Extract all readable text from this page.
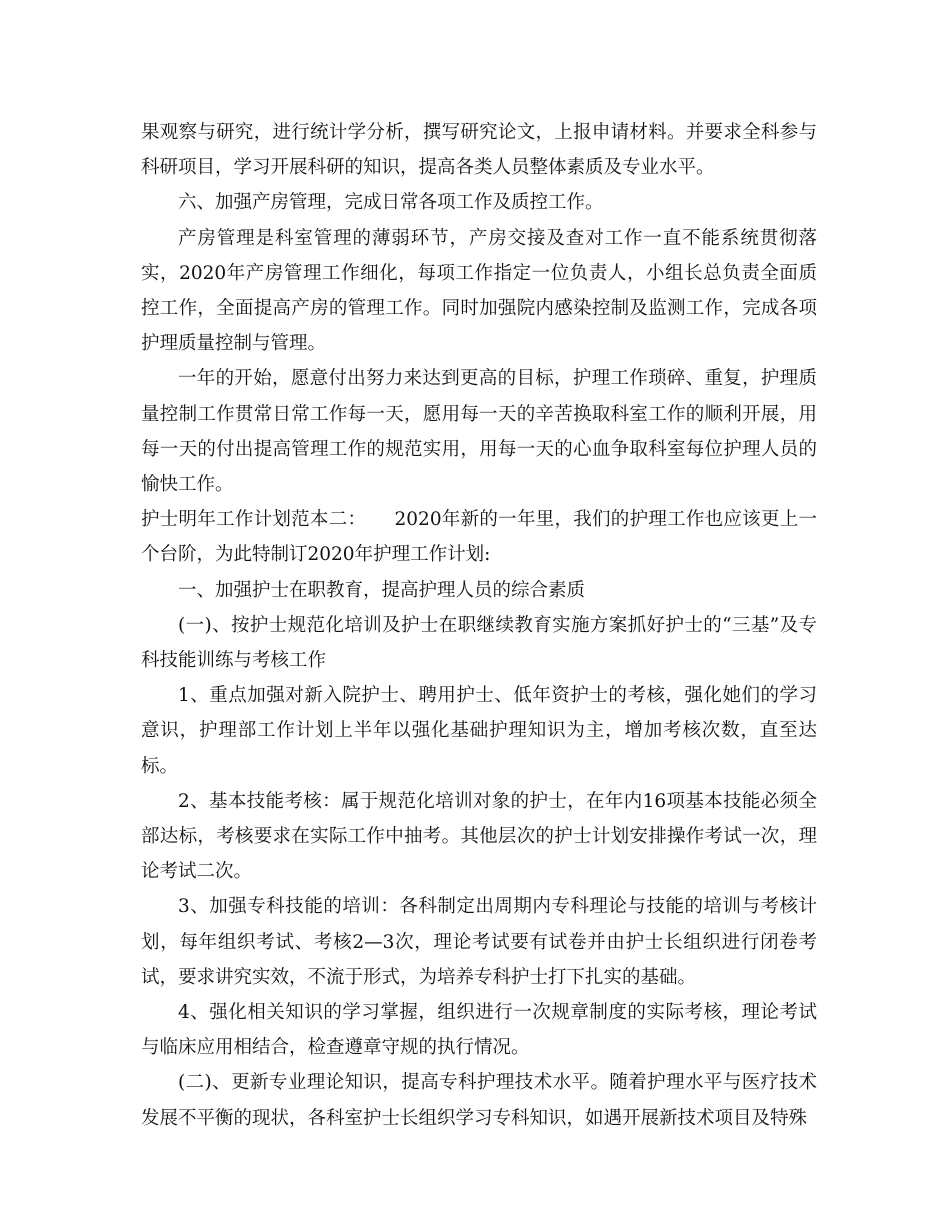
果观察与研究，进行统计学分析，撰写研究论文，上报申请材料。并要求全科参与科研项目，学习开展科研的知识，提高各类人员整体素质及专业水平。

六、加强产房管理，完成日常各项工作及质控工作。

产房管理是科室管理的薄弱环节，产房交接及查对工作一直不能系统贯彻落实，2020年产房管理工作细化，每项工作指定一位负责人，小组长总负责全面质控工作，全面提高产房的管理工作。同时加强院内感染控制及监测工作，完成各项护理质量控制与管理。

一年的开始，愿意付出努力来达到更高的目标，护理工作琐碎、重复，护理质量控制工作贯常日常工作每一天，愿用每一天的辛苦换取科室工作的顺利开展，用每一天的付出提高管理工作的规范实用，用每一天的心血争取科室每位护理人员的愉快工作。

护士明年工作计划范本二：　　2020年新的一年里，我们的护理工作也应该更上一个台阶，为此特制订2020年护理工作计划:

一、加强护士在职教育，提高护理人员的综合素质

(一)、按护士规范化培训及护士在职继续教育实施方案抓好护士的“三基”及专科技能训练与考核工作

1、重点加强对新入院护士、聘用护士、低年资护士的考核，强化她们的学习意识，护理部工作计划上半年以强化基础护理知识为主，增加考核次数，直至达标。

2、基本技能考核：属于规范化培训对象的护士，在年内16项基本技能必须全部达标，考核要求在实际工作中抽考。其他层次的护士计划安排操作考试一次，理论考试二次。

3、加强专科技能的培训：各科制定出周期内专科理论与技能的培训与考核计划，每年组织考试、考核2—3次，理论考试要有试卷并由护士长组织进行闭卷考试，要求讲究实效，不流于形式，为培养专科护士打下扎实的基础。

4、强化相关知识的学习掌握，组织进行一次规章制度的实际考核，理论考试与临床应用相结合，检查遵章守规的执行情况。

(二)、更新专业理论知识，提高专科护理技术水平。随着护理水平与医疗技术发展不平衡的现状，各科室护士长组织学习专科知识，如遇开展新技术项目及特殊
